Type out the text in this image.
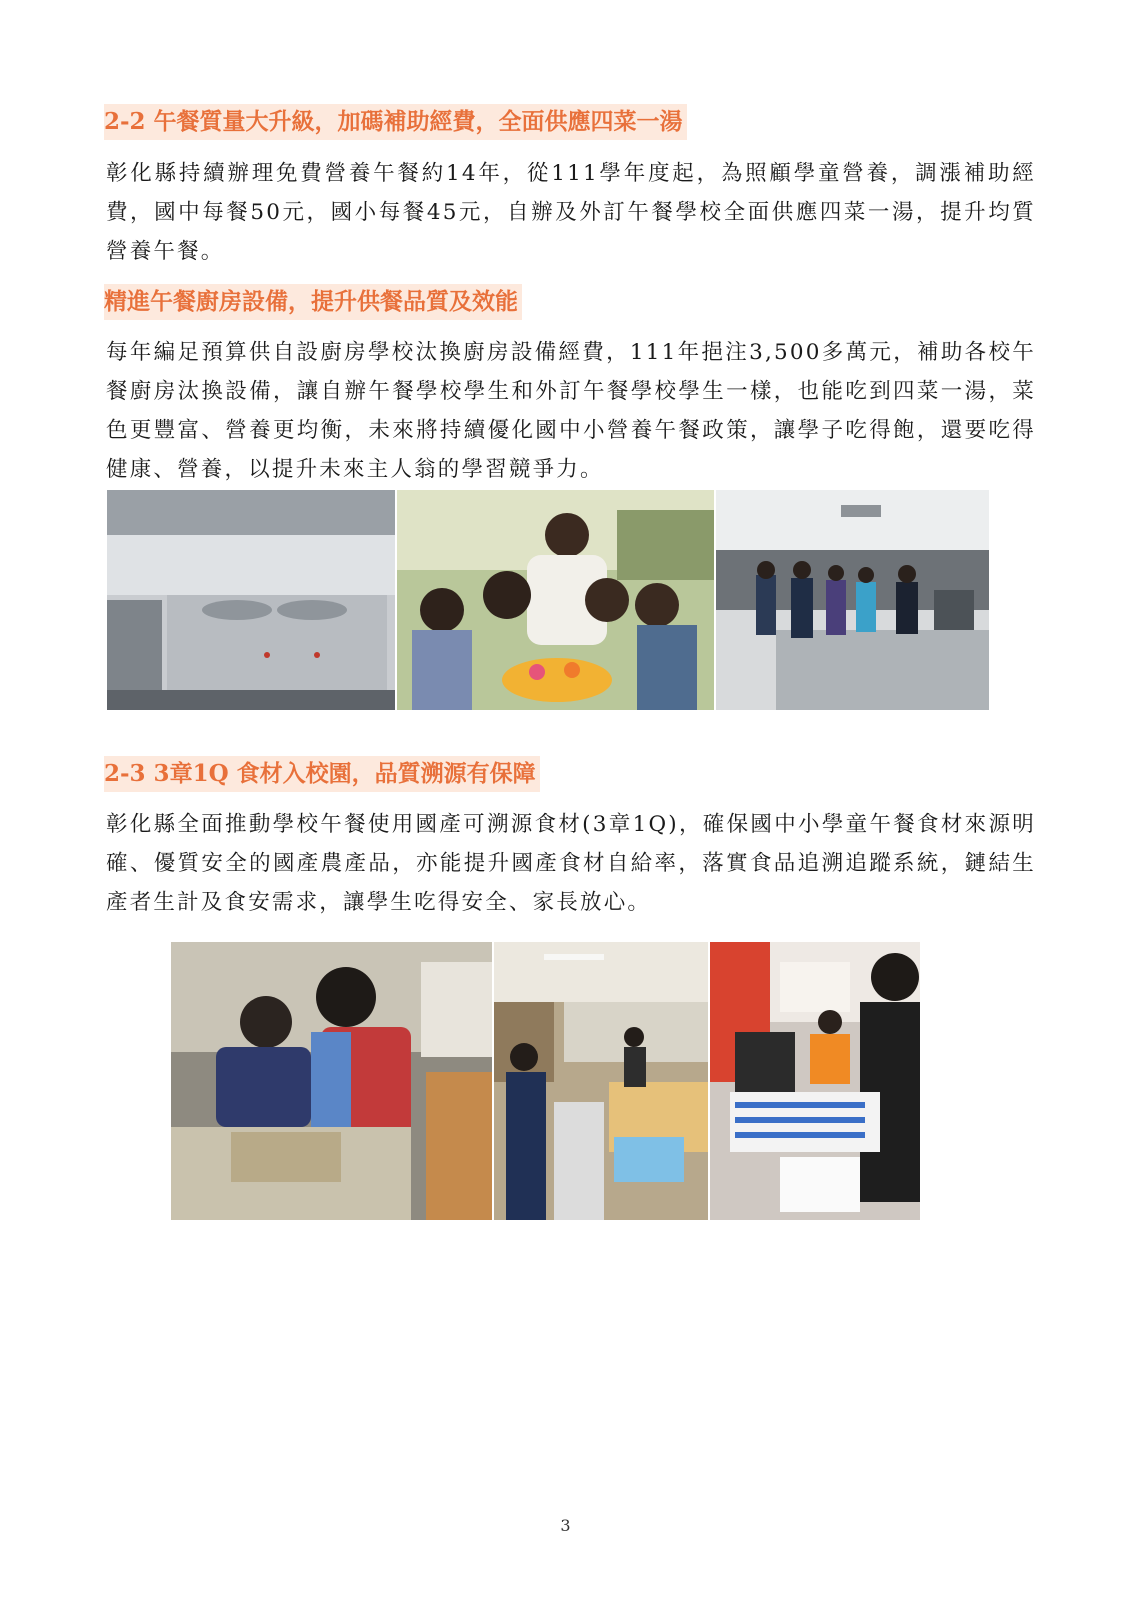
2-2 午餐質量大升級，加碼補助經費，全面供應四菜一湯

彰化縣持續辦理免費營養午餐約14年，從111學年度起，為照顧學童營養，調漲補助經費，國中每餐50元，國小每餐45元，自辦及外訂午餐學校全面供應四菜一湯，提升均質營養午餐。

精進午餐廚房設備，提升供餐品質及效能

每年編足預算供自設廚房學校汰換廚房設備經費，111年挹注3,500多萬元，補助各校午餐廚房汰換設備，讓自辦午餐學校學生和外訂午餐學校學生一樣，也能吃到四菜一湯，菜色更豐富、營養更均衡，未來將持續優化國中小營養午餐政策，讓學子吃得飽，還要吃得健康、營養，以提升未來主人翁的學習競爭力。

2-3 3章1Q 食材入校園，品質溯源有保障

彰化縣全面推動學校午餐使用國產可溯源食材(3章1Q)，確保國中小學童午餐食材來源明確、優質安全的國產農產品，亦能提升國產食材自給率，落實食品追溯追蹤系統，鏈結生產者生計及食安需求，讓學生吃得安全、家長放心。

3
